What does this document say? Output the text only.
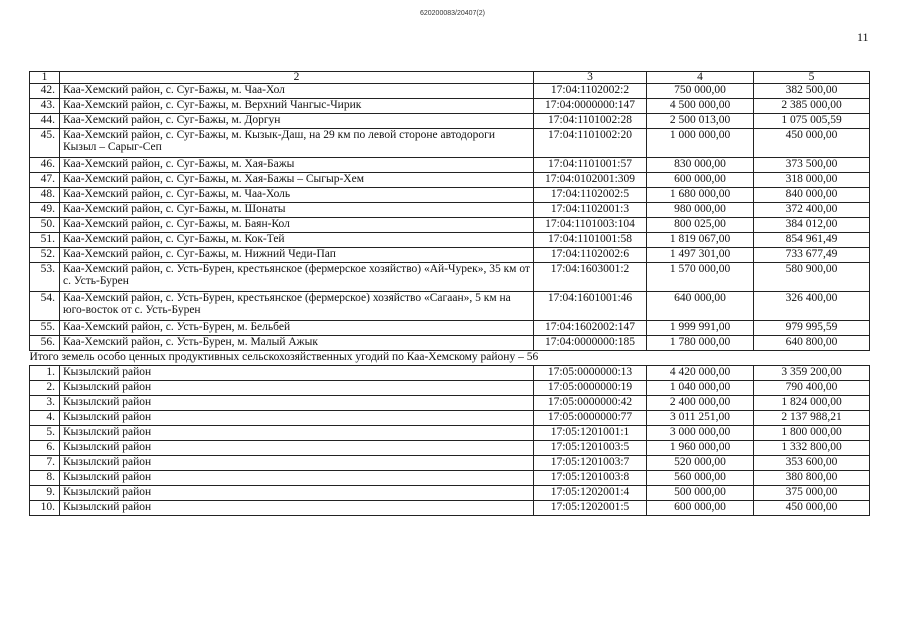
620200083/20407(2)
11
1	2	3	4	5
42.	Каа-Хемский район, с. Суг-Бажы, м. Чаа-Хол	17:04:1102002:2	750 000,00	382 500,00
43.	Каа-Хемский район, с. Суг-Бажы, м. Верхний Чангыс-Чирик	17:04:0000000:147	4 500 000,00	2 385 000,00
44.	Каа-Хемский район, с. Суг-Бажы, м. Доргун	17:04:1101002:28	2 500 013,00	1 075 005,59
45.	Каа-Хемский район, с. Суг-Бажы, м. Кызык-Даш, на 29 км по левой стороне автодороги Кызыл – Сарыг-Сеп	17:04:1101002:20	1 000 000,00	450 000,00
46.	Каа-Хемский район, с. Суг-Бажы, м. Хая-Бажы	17:04:1101001:57	830 000,00	373 500,00
47.	Каа-Хемский район, с. Суг-Бажы, м. Хая-Бажы – Сыгыр-Хем	17:04:0102001:309	600 000,00	318 000,00
48.	Каа-Хемский район, с. Суг-Бажы, м. Чаа-Холь	17:04:1102002:5	1 680 000,00	840 000,00
49.	Каа-Хемский район, с. Суг-Бажы, м. Шонаты	17:04:1102001:3	980 000,00	372 400,00
50.	Каа-Хемский район, с. Суг-Бажы, м. Баян-Кол	17:04:1101003:104	800 025,00	384 012,00
51.	Каа-Хемский район, с. Суг-Бажы, м. Кок-Тей	17:04:1101001:58	1 819 067,00	854 961,49
52.	Каа-Хемский район, с. Суг-Бажы, м. Нижний Чеди-Пап	17:04:1102002:6	1 497 301,00	733 677,49
53.	Каа-Хемский район, с. Усть-Бурен, крестьянское (фермерское хозяйство) «Ай-Чурек», 35 км от с. Усть-Бурен	17:04:1603001:2	1 570 000,00	580 900,00
54.	Каа-Хемский район, с. Усть-Бурен, крестьянское (фермерское) хозяйство «Сагаан», 5 км на юго-восток от с. Усть-Бурен	17:04:1601001:46	640 000,00	326 400,00
55.	Каа-Хемский район, с. Усть-Бурен, м. Бельбей	17:04:1602002:147	1 999 991,00	979 995,59
56.	Каа-Хемский район, с. Усть-Бурен, м. Малый Ажык	17:04:0000000:185	1 780 000,00	640 800,00
Итого земель особо ценных продуктивных сельскохозяйственных угодий по Каа-Хемскому району – 56				
1.	Кызылский район	17:05:0000000:13	4 420 000,00	3 359 200,00
2.	Кызылский район	17:05:0000000:19	1 040 000,00	790 400,00
3.	Кызылский район	17:05:0000000:42	2 400 000,00	1 824 000,00
4.	Кызылский район	17:05:0000000:77	3 011 251,00	2 137 988,21
5.	Кызылский район	17:05:1201001:1	3 000 000,00	1 800 000,00
6.	Кызылский район	17:05:1201003:5	1 960 000,00	1 332 800,00
7.	Кызылский район	17:05:1201003:7	520 000,00	353 600,00
8.	Кызылский район	17:05:1201003:8	560 000,00	380 800,00
9.	Кызылский район	17:05:1202001:4	500 000,00	375 000,00
10.	Кызылский район	17:05:1202001:5	600 000,00	450 000,00
